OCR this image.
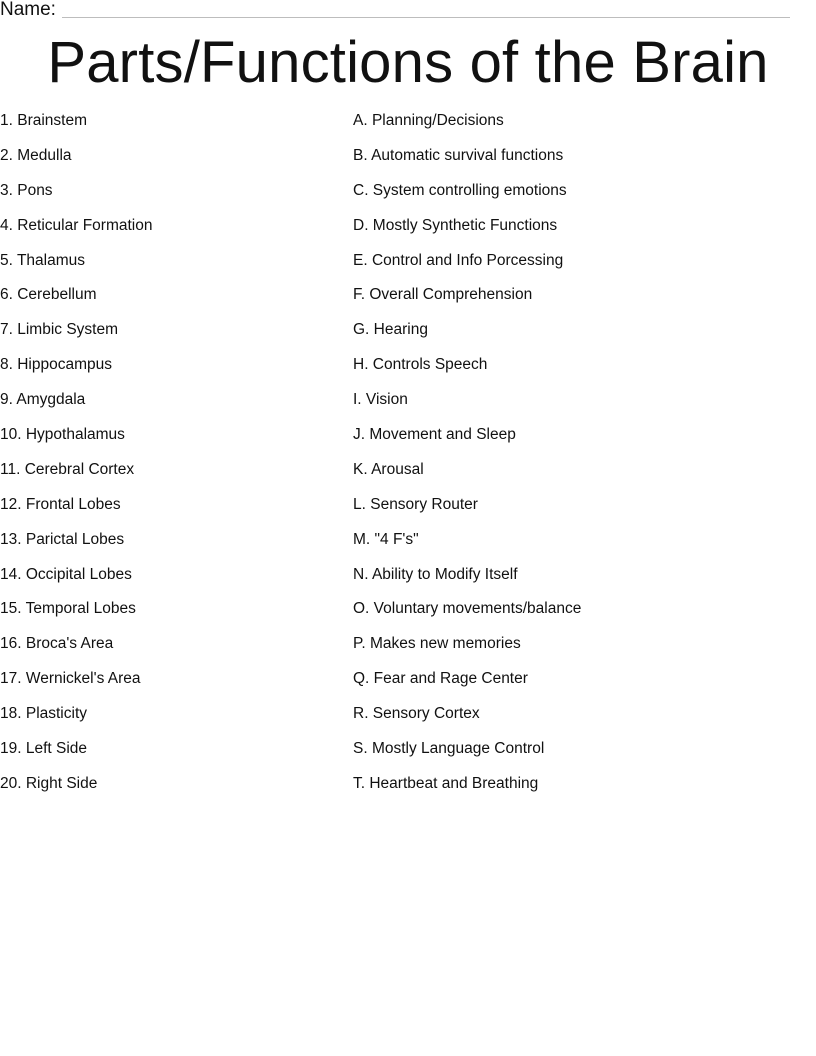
Name:
Parts/Functions of the Brain
1. Brainstem
2. Medulla
3. Pons
4. Reticular Formation
5. Thalamus
6. Cerebellum
7. Limbic System
8. Hippocampus
9. Amygdala
10. Hypothalamus
11. Cerebral Cortex
12. Frontal Lobes
13. Parictal Lobes
14. Occipital Lobes
15. Temporal Lobes
16. Broca's Area
17. Wernickel's Area
18. Plasticity
19. Left Side
20. Right Side
A. Planning/Decisions
B. Automatic survival functions
C. System controlling emotions
D. Mostly Synthetic Functions
E. Control and Info Porcessing
F. Overall Comprehension
G. Hearing
H. Controls Speech
I. Vision
J. Movement and Sleep
K. Arousal
L. Sensory Router
M. "4 F's"
N. Ability to Modify Itself
O. Voluntary movements/balance
P. Makes new memories
Q. Fear and Rage Center
R. Sensory Cortex
S. Mostly Language Control
T. Heartbeat and Breathing
